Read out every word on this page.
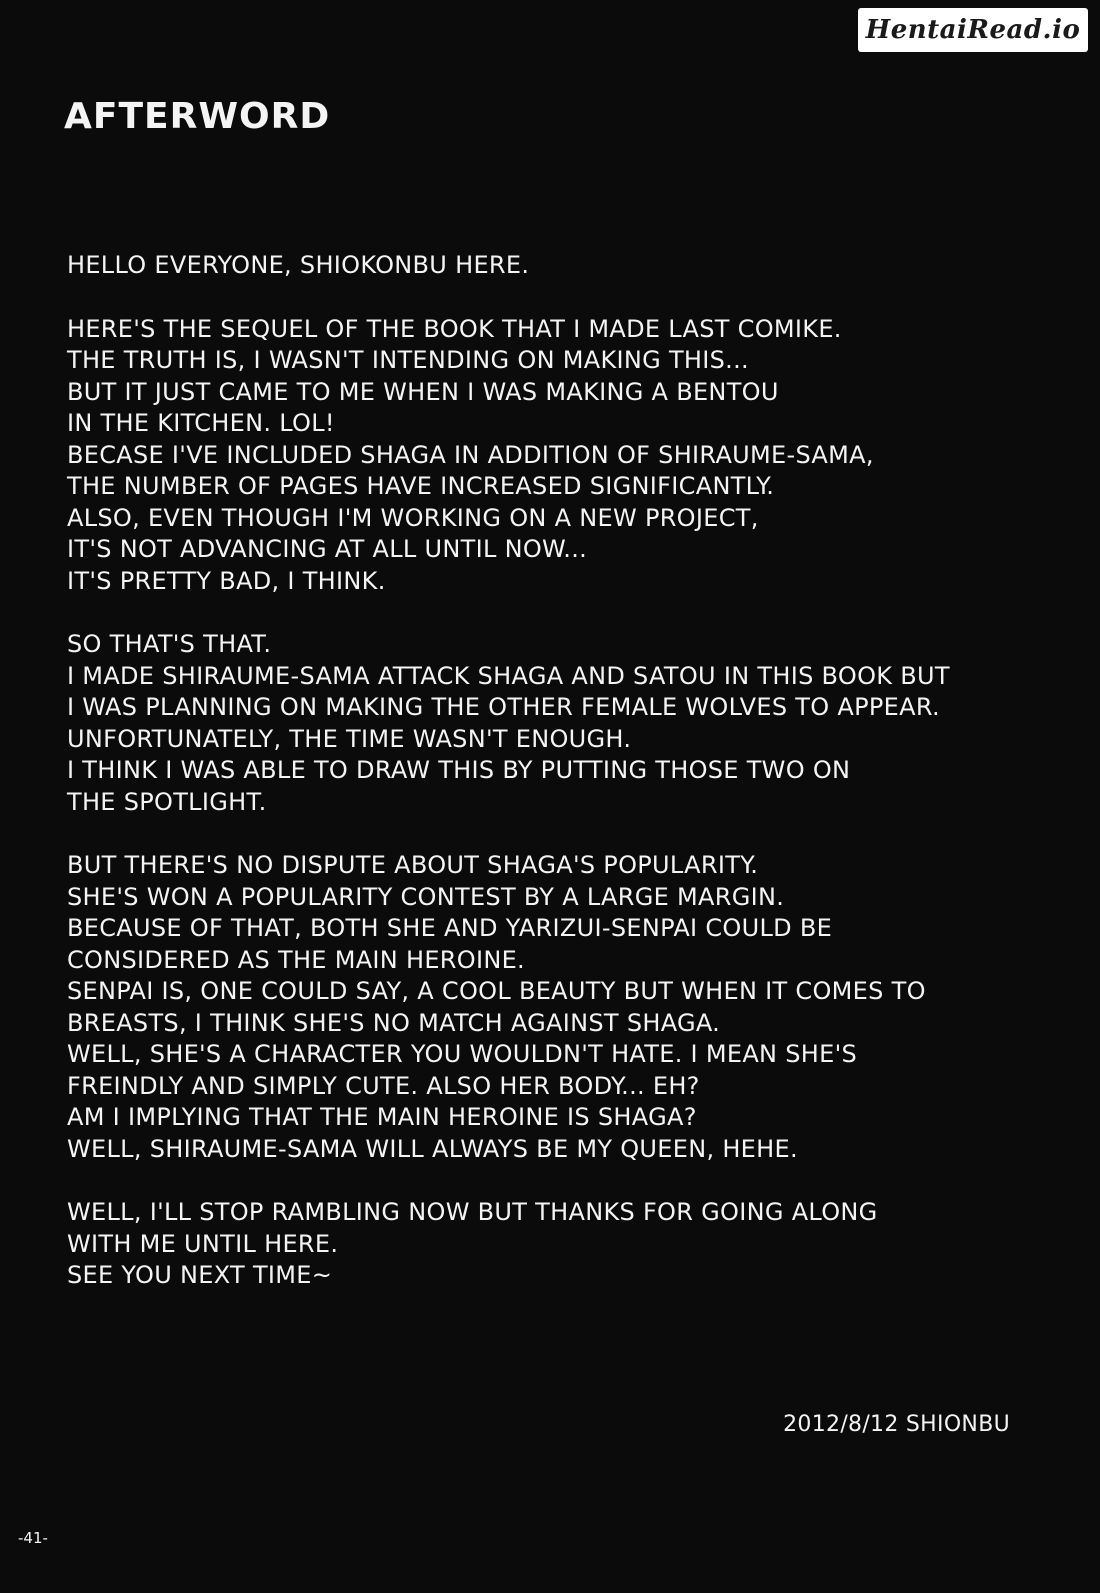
HentaiRead.io
AFTERWORD

HELLO EVERYONE, SHIOKONBU HERE.

HERE'S THE SEQUEL OF THE BOOK THAT I MADE LAST COMIKE.
THE TRUTH IS, I WASN'T INTENDING ON MAKING THIS...
BUT IT JUST CAME TO ME WHEN I WAS MAKING A BENTOU
IN THE KITCHEN. LOL!
BECASE I'VE INCLUDED SHAGA IN ADDITION OF SHIRAUME-SAMA,
THE NUMBER OF PAGES HAVE INCREASED SIGNIFICANTLY.
ALSO, EVEN THOUGH I'M WORKING ON A NEW PROJECT,
IT'S NOT ADVANCING AT ALL UNTIL NOW...
IT'S PRETTY BAD, I THINK.

SO THAT'S THAT.
I MADE SHIRAUME-SAMA ATTACK SHAGA AND SATOU IN THIS BOOK BUT
I WAS PLANNING ON MAKING THE OTHER FEMALE WOLVES TO APPEAR.
UNFORTUNATELY, THE TIME WASN'T ENOUGH.
I THINK I WAS ABLE TO DRAW THIS BY PUTTING THOSE TWO ON
THE SPOTLIGHT.

BUT THERE'S NO DISPUTE ABOUT SHAGA'S POPULARITY.
SHE'S WON A POPULARITY CONTEST BY A LARGE MARGIN.
BECAUSE OF THAT, BOTH SHE AND YARIZUI-SENPAI COULD BE
CONSIDERED AS THE MAIN HEROINE.
SENPAI IS, ONE COULD SAY, A COOL BEAUTY BUT WHEN IT COMES TO
BREASTS, I THINK SHE'S NO MATCH AGAINST SHAGA.
WELL, SHE'S A CHARACTER YOU WOULDN'T HATE. I MEAN SHE'S
FREINDLY AND SIMPLY CUTE. ALSO HER BODY... EH?
AM I IMPLYING THAT THE MAIN HEROINE IS SHAGA?
WELL, SHIRAUME-SAMA WILL ALWAYS BE MY QUEEN, HEHE.

WELL, I'LL STOP RAMBLING NOW BUT THANKS FOR GOING ALONG
WITH ME UNTIL HERE.
SEE YOU NEXT TIME~

2012/8/12 SHIONBU
-41-
